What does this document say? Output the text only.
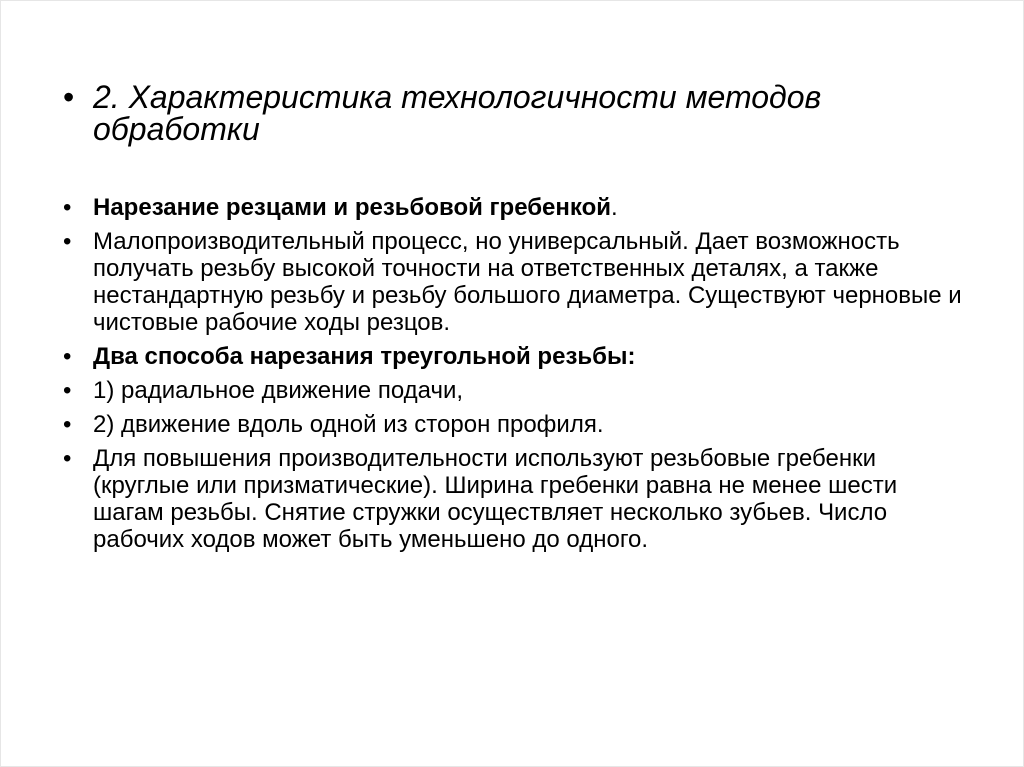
• 2. Характеристика технологичности методов обработки
• Нарезание резцами и резьбовой гребенкой.
• Малопроизводительный процесс, но универсальный. Дает возможность получать резьбу высокой точности на ответственных деталях, а также нестандартную резьбу и резьбу большого диаметра. Существуют черновые и чистовые рабочие ходы резцов.
• Два способа нарезания треугольной резьбы:
• 1) радиальное движение подачи,
• 2) движение вдоль одной из сторон профиля.
• Для повышения производительности используют резьбовые гребенки (круглые или призматические). Ширина гребенки равна не менее шести шагам резьбы. Снятие стружки осуществляет несколько зубьев. Число рабочих ходов может быть уменьшено до одного.
